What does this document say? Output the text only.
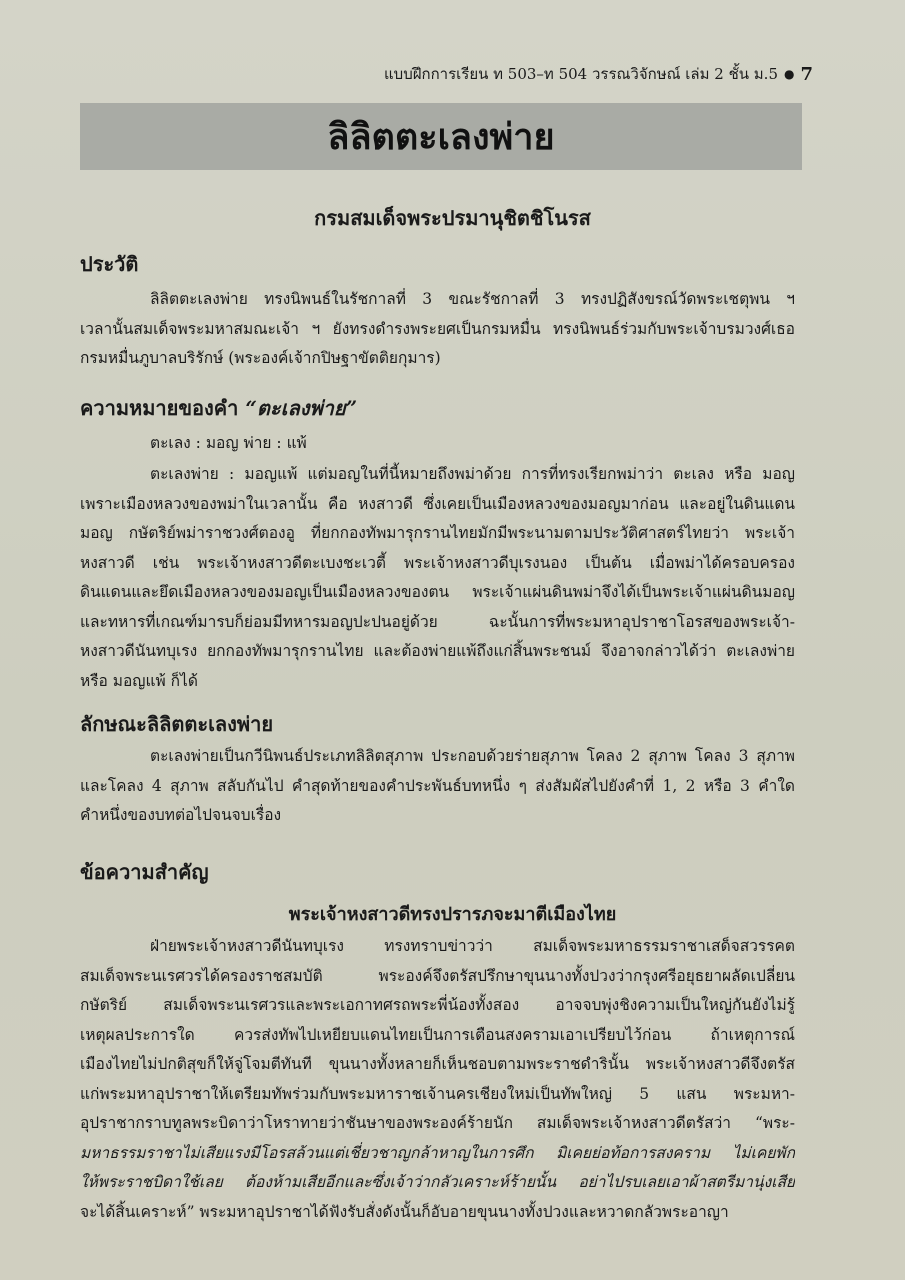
แบบฝึกการเรียน ท 503–ท 504 วรรณวิจักษณ์ เล่ม 2 ชั้น ม.5 ● 7
ลิลิตตะเลงพ่าย
กรมสมเด็จพระปรมานุชิตชิโนรส
ประวัติ
ลิลิตตะเลงพ่าย ทรงนิพนธ์ในรัชกาลที่ 3 ขณะรัชกาลที่ 3 ทรงปฏิสังขรณ์วัดพระเชตุพน ฯ
เวลานั้นสมเด็จพระมหาสมณะเจ้า ฯ ยังทรงดำรงพระยศเป็นกรมหมื่น ทรงนิพนธ์ร่วมกับพระเจ้าบรมวงศ์เธอ
กรมหมื่นภูบาลบริรักษ์ (พระองค์เจ้ากปิษฐาขัตติยกุมาร)
ความหมายของคำ “ตะเลงพ่าย”
ตะเลง : มอญ พ่าย : แพ้
ตะเลงพ่าย : มอญแพ้ แต่มอญในที่นี้หมายถึงพม่าด้วย การที่ทรงเรียกพม่าว่า ตะเลง หรือ มอญ
เพราะเมืองหลวงของพม่าในเวลานั้น คือ หงสาวดี ซึ่งเคยเป็นเมืองหลวงของมอญมาก่อน และอยู่ในดินแดน
มอญ กษัตริย์พม่าราชวงศ์ตองอู ที่ยกกองทัพมารุกรานไทยมักมีพระนามตามประวัติศาสตร์ไทยว่า พระเจ้า
หงสาวดี เช่น พระเจ้าหงสาวดีตะเบงชะเวตี้ พระเจ้าหงสาวดีบุเรงนอง เป็นต้น เมื่อพม่าได้ครอบครอง
ดินแดนและยึดเมืองหลวงของมอญเป็นเมืองหลวงของตน พระเจ้าแผ่นดินพม่าจึงได้เป็นพระเจ้าแผ่นดินมอญ
และทหารที่เกณฑ์มารบก็ย่อมมีทหารมอญปะปนอยู่ด้วย ฉะนั้นการที่พระมหาอุปราชาโอรสของพระเจ้า-
หงสาวดีนันทบุเรง ยกกองทัพมารุกรานไทย และต้องพ่ายแพ้ถึงแก่สิ้นพระชนม์ จึงอาจกล่าวได้ว่า ตะเลงพ่าย
หรือ มอญแพ้ ก็ได้
ลักษณะลิลิตตะเลงพ่าย
ตะเลงพ่ายเป็นกวีนิพนธ์ประเภทลิลิตสุภาพ ประกอบด้วยร่ายสุภาพ โคลง 2 สุภาพ โคลง 3 สุภาพ
และโคลง 4 สุภาพ สลับกันไป คำสุดท้ายของคำประพันธ์บทหนึ่ง ๆ ส่งสัมผัสไปยังคำที่ 1, 2 หรือ 3 คำใด
คำหนึ่งของบทต่อไปจนจบเรื่อง
ข้อความสำคัญ
พระเจ้าหงสาวดีทรงปรารภจะมาตีเมืองไทย
ฝ่ายพระเจ้าหงสาวดีนันทบุเรง ทรงทราบข่าวว่า สมเด็จพระมหาธรรมราชาเสด็จสวรรคต
สมเด็จพระนเรศวรได้ครองราชสมบัติ พระองค์จึงตรัสปรึกษาขุนนางทั้งปวงว่ากรุงศรีอยุธยาผลัดเปลี่ยน
กษัตริย์ สมเด็จพระนเรศวรและพระเอกาทศรถพระพี่น้องทั้งสอง อาจจบพุ่งชิงความเป็นใหญ่กันยังไม่รู้
เหตุผลประการใด ควรส่งทัพไปเหยียบแดนไทยเป็นการเตือนสงครามเอาเปรียบไว้ก่อน ถ้าเหตุการณ์
เมืองไทยไม่ปกติสุขก็ให้จู่โจมตีทันที ขุนนางทั้งหลายก็เห็นชอบตามพระราชดำรินั้น พระเจ้าหงสาวดีจึงตรัส
แก่พระมหาอุปราชาให้เตรียมทัพร่วมกับพระมหาราชเจ้านครเชียงใหม่เป็นทัพใหญ่ 5 แสน พระมหา-
อุปราชากราบทูลพระบิดาว่าโหราทายว่าชันษาของพระองค์ร้ายนัก สมเด็จพระเจ้าหงสาวดีตรัสว่า “พระ-
มหาธรรมราชาไม่เสียแรงมีโอรสล้วนแต่เชี่ยวชาญกล้าหาญในการศึก มิเคยย่อท้อการสงคราม ไม่เคยพัก
ให้พระราชบิดาใช้เลย ต้องห้ามเสียอีกและซึ่งเจ้าว่ากลัวเคราะห์ร้ายนั้น อย่าไปรบเลยเอาผ้าสตรีมานุ่งเสีย
จะได้สิ้นเคราะห์” พระมหาอุปราชาได้ฟังรับสั่งดังนั้นก็อับอายขุนนางทั้งปวงและหวาดกลัวพระอาญา
